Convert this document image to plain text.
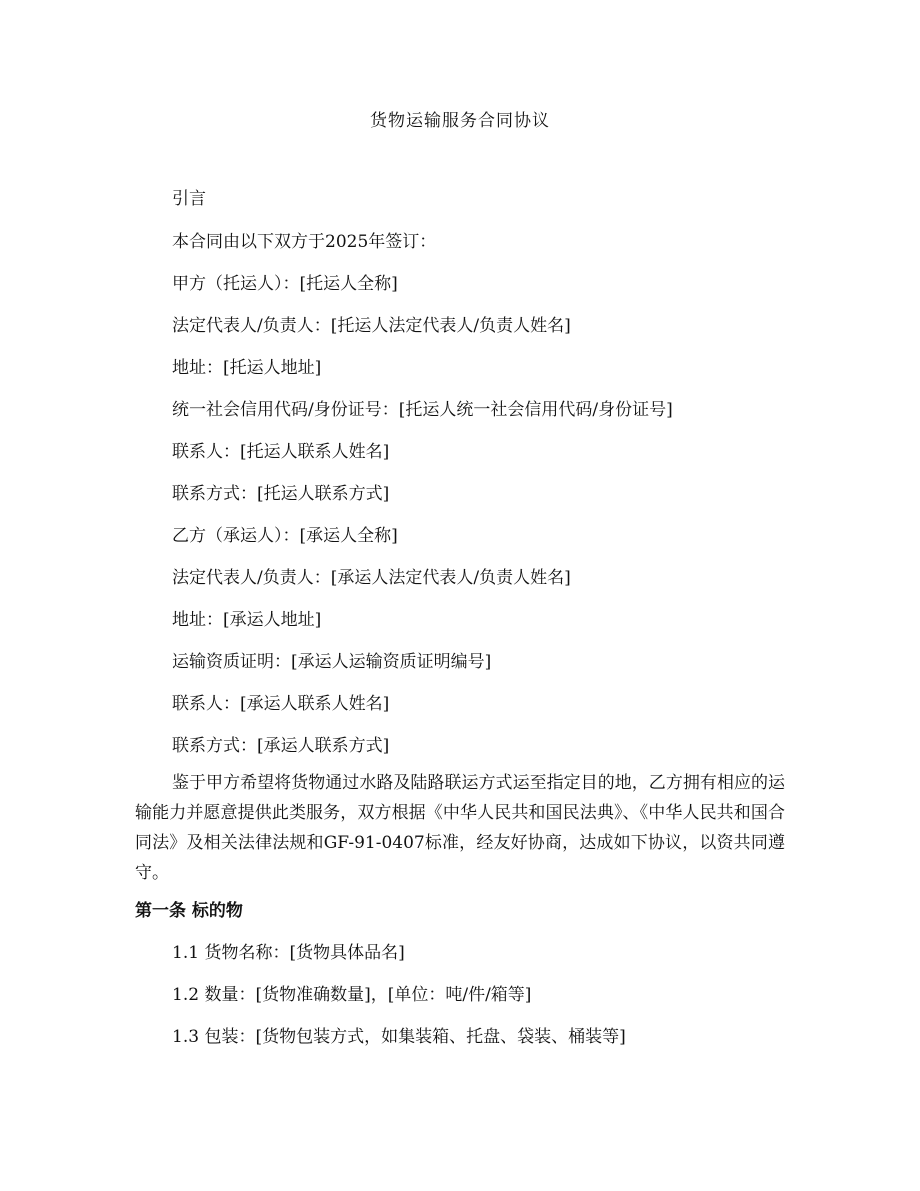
货物运输服务合同协议
引言
本合同由以下双方于2025年签订：
甲方（托运人）：[托运人全称]
法定代表人/负责人：[托运人法定代表人/负责人姓名]
地址：[托运人地址]
统一社会信用代码/身份证号：[托运人统一社会信用代码/身份证号]
联系人：[托运人联系人姓名]
联系方式：[托运人联系方式]
乙方（承运人）：[承运人全称]
法定代表人/负责人：[承运人法定代表人/负责人姓名]
地址：[承运人地址]
运输资质证明：[承运人运输资质证明编号]
联系人：[承运人联系人姓名]
联系方式：[承运人联系方式]
鉴于甲方希望将货物通过水路及陆路联运方式运至指定目的地，乙方拥有相应的运输能力并愿意提供此类服务，双方根据《中华人民共和国民法典》、《中华人民共和国合同法》及相关法律法规和GF-91-0407标准，经友好协商，达成如下协议，以资共同遵守。
第一条 标的物
1.1 货物名称：[货物具体品名]
1.2 数量：[货物准确数量]，[单位：吨/件/箱等]
1.3 包装：[货物包装方式，如集装箱、托盘、袋装、桶装等]
